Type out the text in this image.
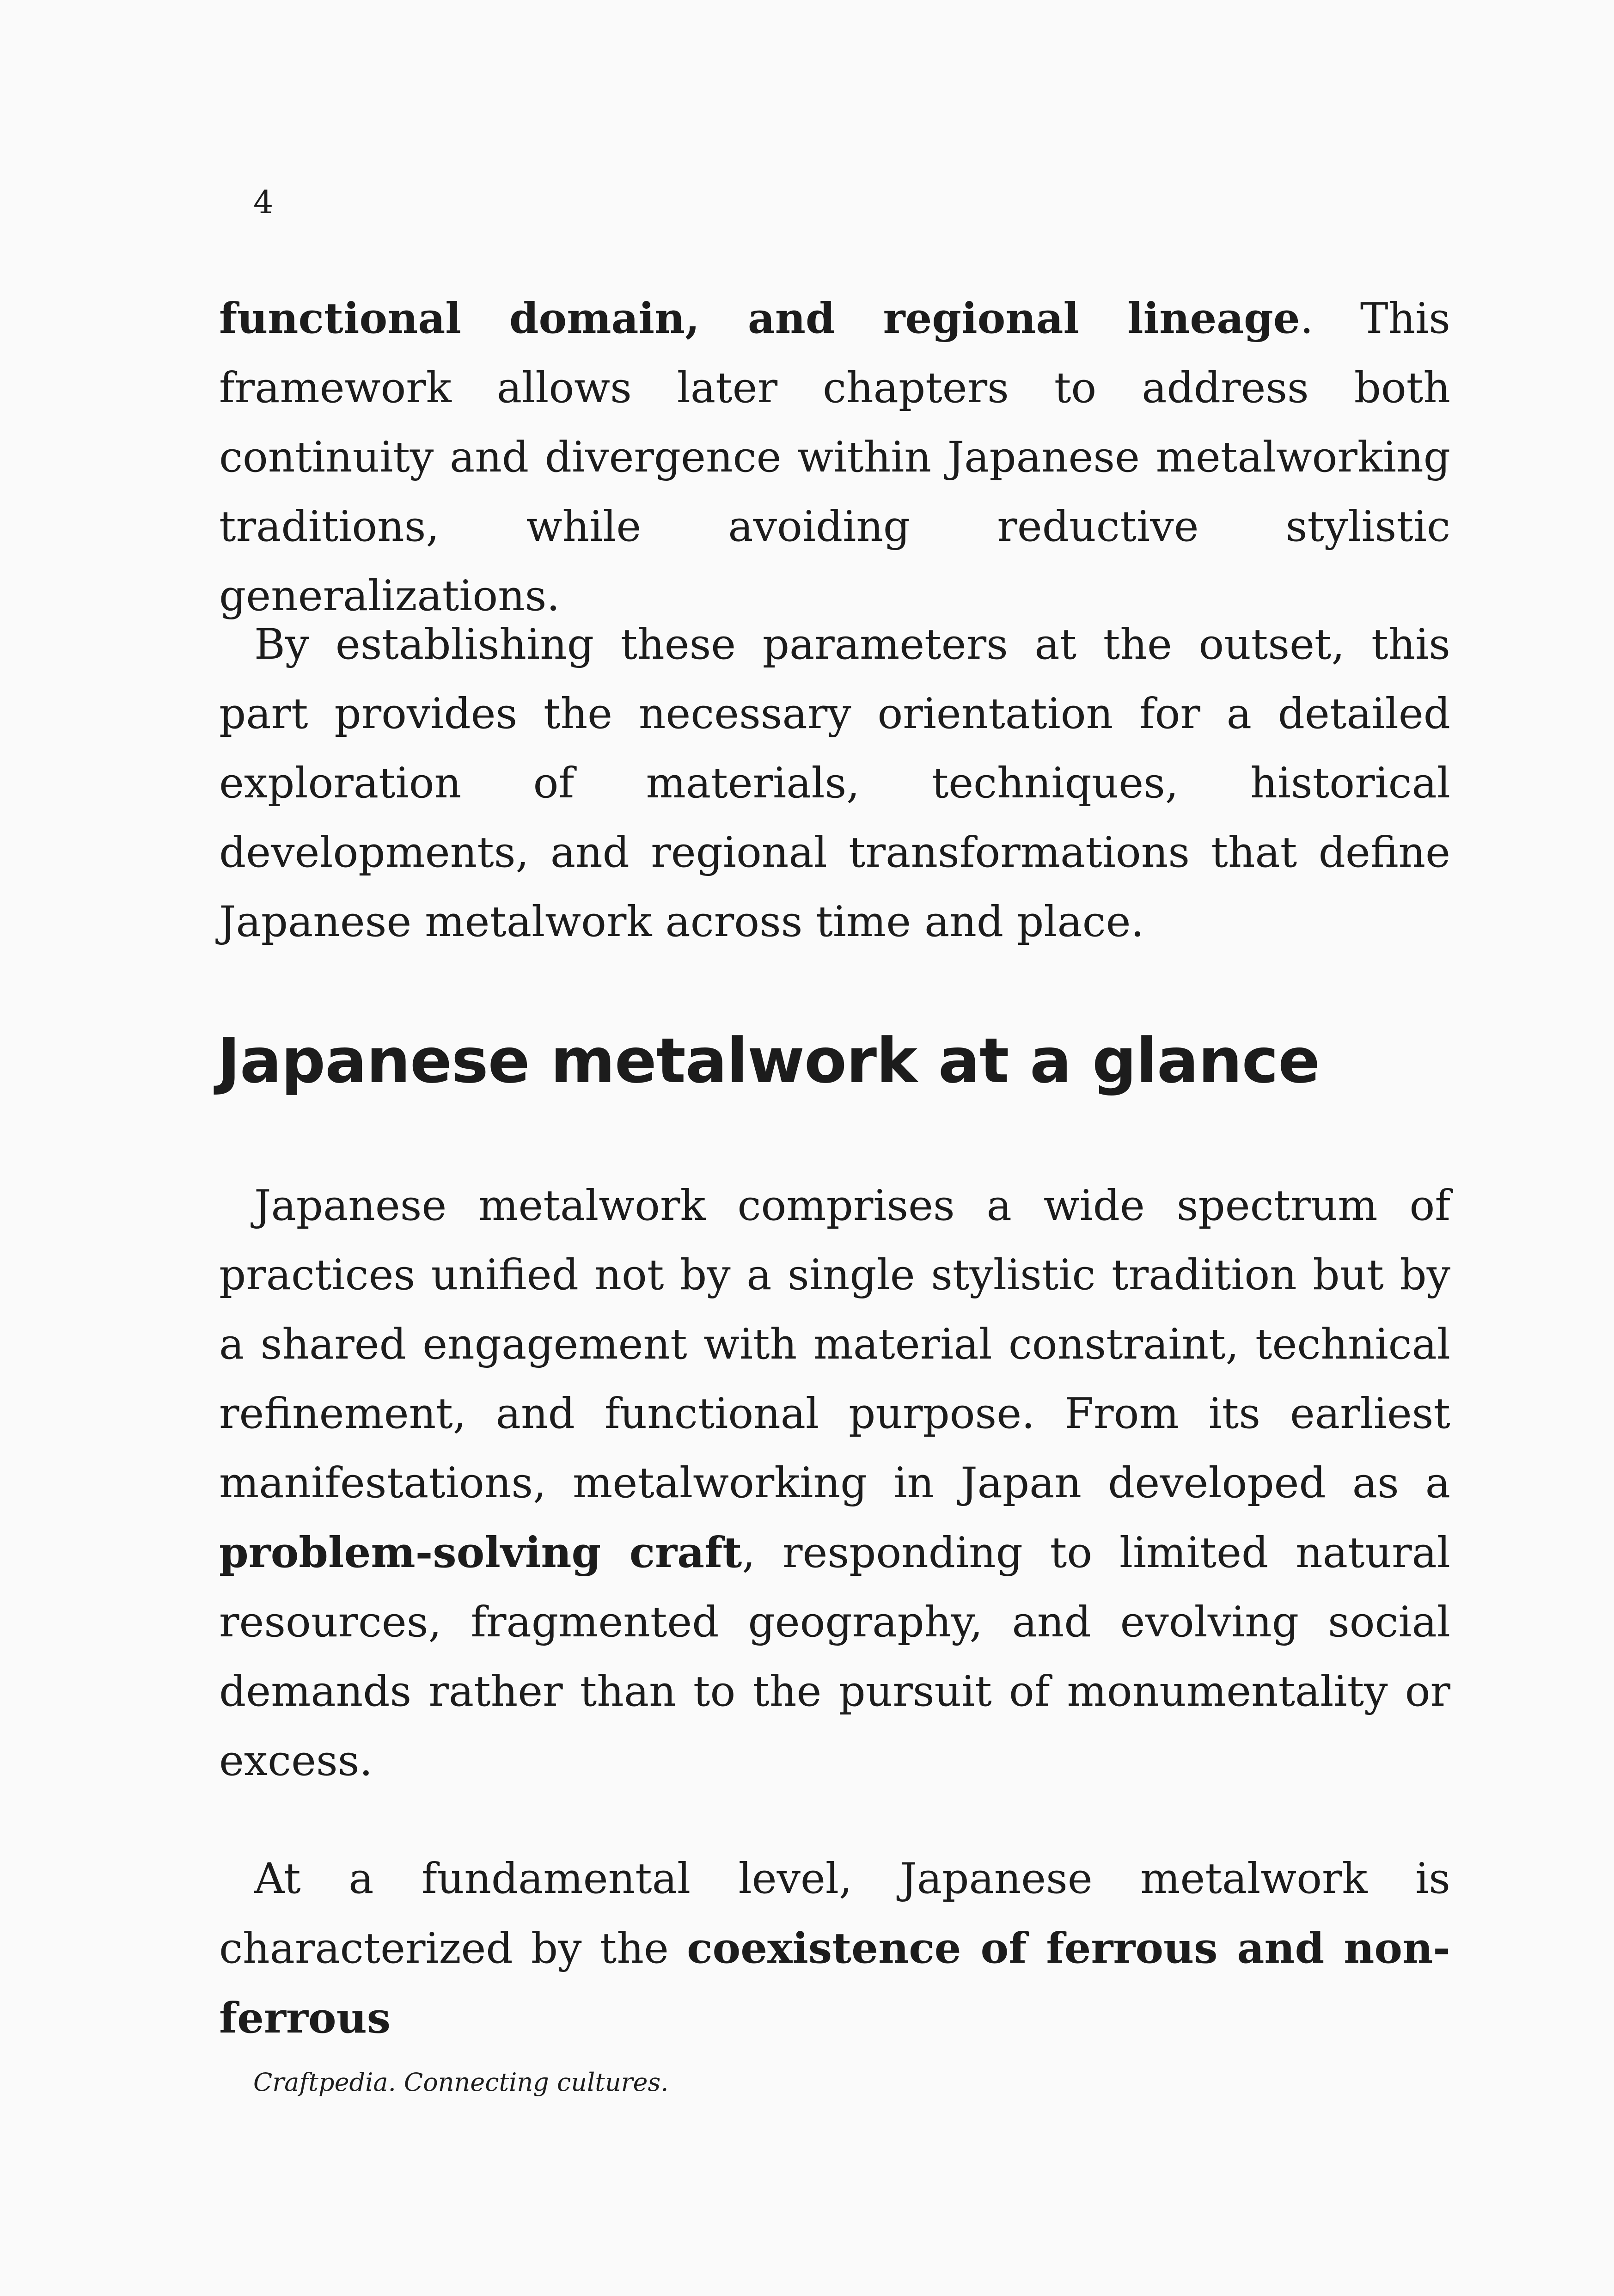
4

functional domain, and regional lineage. This framework allows later chapters to address both continuity and divergence within Japanese metalworking traditions, while avoiding reductive stylistic generalizations.

By establishing these parameters at the outset, this part provides the necessary orientation for a detailed exploration of materials, techniques, historical developments, and regional transformations that define Japanese metalwork across time and place.

Japanese metalwork at a glance

Japanese metalwork comprises a wide spectrum of practices unified not by a single stylistic tradition but by a shared engagement with material constraint, technical refinement, and functional purpose. From its earliest manifestations, metalworking in Japan developed as a problem-solving craft, responding to limited natural resources, fragmented geography, and evolving social demands rather than to the pursuit of monumentality or excess.

At a fundamental level, Japanese metalwork is characterized by the coexistence of ferrous and non-ferrous

Craftpedia. Connecting cultures.
